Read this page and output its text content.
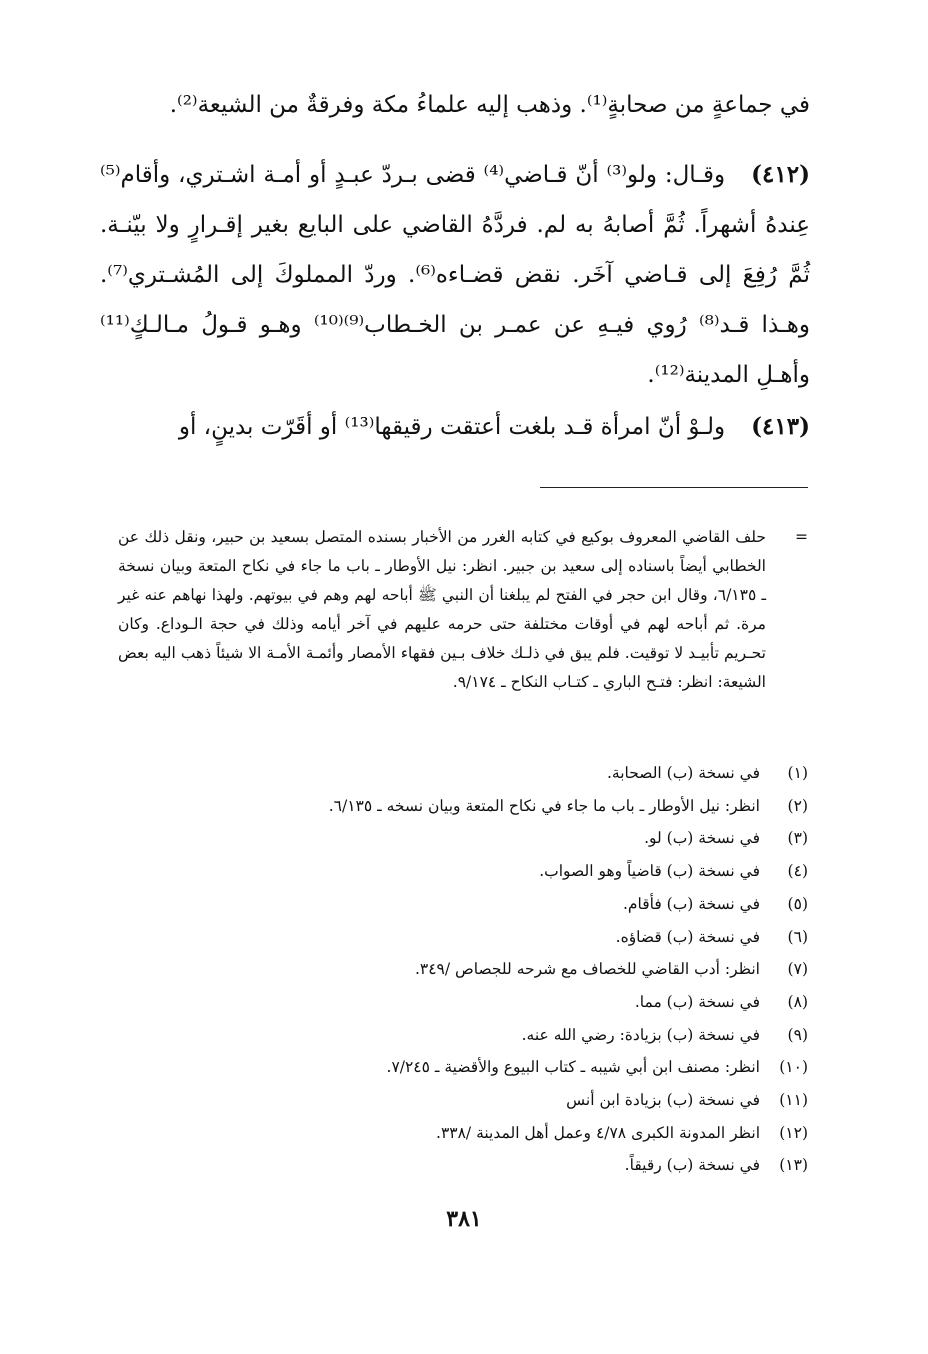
في جماعةٍ من صحابةٍ⁽¹⁾. وذهب إليه علماءُ مكة وفرقةٌ من الشيعة⁽²⁾.

(٤١٢)وقـال: ولو⁽³⁾ أنّ قـاضي⁽⁴⁾ قضى بـردّ عبـدٍ أو أمـة اشـتري، وأقام⁽⁵⁾ عِندهُ أشهراً. ثُمَّ أصابهُ به لم. فردَّهُ القاضي على البايع بغير إقـرارٍ ولا بيّنـة. ثُمَّ رُفِعَ إلى قـاضي آخَر. نقض قضـاءه⁽⁶⁾. وردّ المملوكَ إلى المُشـتري⁽⁷⁾. وهـذا قـد⁽⁸⁾ رُوي فيـهِ عن عمـر بن الخـطاب⁽⁹⁾⁽¹⁰⁾ وهـو قـولُ مـالـكٍ⁽¹¹⁾ وأهـلِ المدينة⁽¹²⁾.

(٤١٣)ولـوْ أنّ امرأة قـد بلغت أعتقت رقيقها⁽¹³⁾ أو أقَرّت بدينٍ، أو

=
حلف القاضي المعروف بوكيع في كتابه الغرر من الأخبار بسنده المتصل بسعيد بن حبير، ونقل ذلك عن الخطابي أيضاً باسناده إلى سعيد بن جبير. انظر: نيل الأوطار ـ باب ما جاء في نكاح المتعة وبيان نسخة ـ ٦/١٣٥، وقال ابن حجر في الفتح لم يبلغنا أن النبي ﷺ أباحه لهم وهم في بيوتهم. ولهذا نهاهم عنه غير مرة. ثم أباحه لهم في أوقات مختلفة حتى حرمه عليهم في آخر أيامه وذلك في حجة الـوداع. وكان تحـريم تأبيـد لا توقيت. فلم يبق في ذلـك خلاف بـين فقهاء الأمصار وأئمـة الأمـة الا شيئاً ذهب اليه بعض الشيعة: انظر: فتـح الباري ـ كتـاب النكاح ـ ٩/١٧٤.
(١)
في نسخة (ب) الصحابة.
(٢)
انظر: نيل الأوطار ـ باب ما جاء في نكاح المتعة وبيان نسخه ـ ٦/١٣٥.
(٣)
في نسخة (ب) لو.
(٤)
في نسخة (ب) قاضياً وهو الصواب.
(٥)
في نسخة (ب) فأقام.
(٦)
في نسخة (ب) قضاؤه.
(٧)
انظر: أدب القاضي للخصاف مع شرحه للجصاص /٣٤٩.
(٨)
في نسخة (ب) مما.
(٩)
في نسخة (ب) بزيادة: رضي الله عنه.
(١٠)
انظر: مصنف ابن أبي شيبه ـ كتاب البيوع والأقضية ـ ٧/٢٤٥.
(١١)
في نسخة (ب) بزيادة ابن أنس
(١٢)
انظر المدونة الكبرى ٤/٧٨ وعمل أهل المدينة /٣٣٨.
(١٣)
في نسخة (ب) رقيقاً.
٣٨١
